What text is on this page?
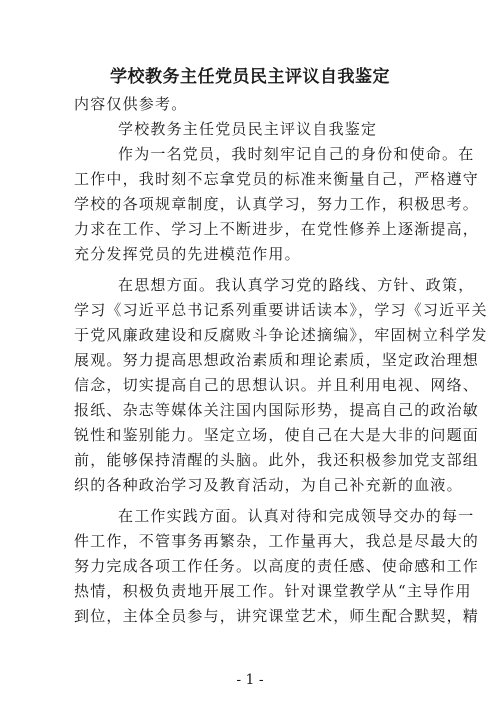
学校教务主任党员民主评议自我鉴定
内容仅供参考。
学校教务主任党员民主评议自我鉴定
作为一名党员，我时刻牢记自己的身份和使命。在
工作中，我时刻不忘拿党员的标准来衡量自己，严格遵守
学校的各项规章制度，认真学习，努力工作，积极思考。
力求在工作、学习上不断进步，在党性修养上逐渐提高，
充分发挥党员的先进模范作用。
在思想方面。我认真学习党的路线、方针、政策，
学习《习近平总书记系列重要讲话读本》，学习《习近平关
于党风廉政建设和反腐败斗争论述摘编》，牢固树立科学发
展观。努力提高思想政治素质和理论素质，坚定政治理想
信念，切实提高自己的思想认识。并且利用电视、网络、
报纸、杂志等媒体关注国内国际形势，提高自己的政治敏
锐性和鉴别能力。坚定立场，使自己在大是大非的问题面
前，能够保持清醒的头脑。此外，我还积极参加党支部组
织的各种政治学习及教育活动，为自己补充新的血液。
在工作实践方面。认真对待和完成领导交办的每一
件工作，不管事务再繁杂，工作量再大，我总是尽最大的
努力完成各项工作任务。以高度的责任感、使命感和工作
热情，积极负责地开展工作。针对课堂教学从“主导作用
到位，主体全员参与，讲究课堂艺术，师生配合默契，精
- 1 -
